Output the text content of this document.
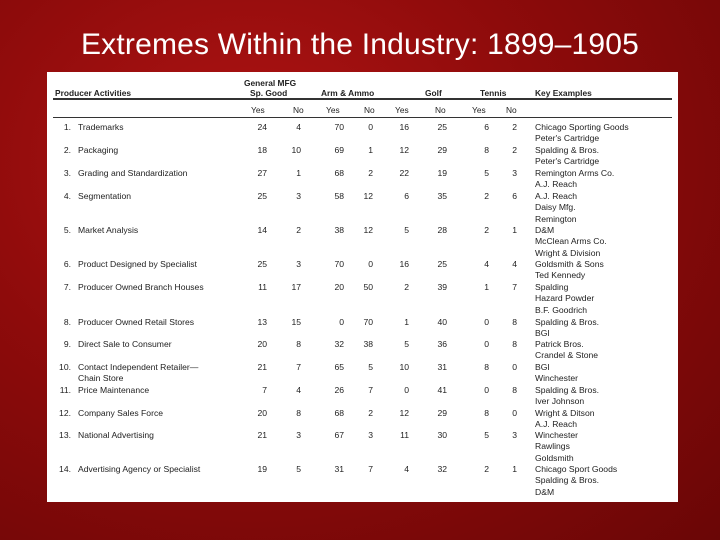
Extremes Within the Industry: 1899–1905
General MFG
Sp. Good
Producer Activities	Arm & Ammo	Golf	Tennis	Key Examples
Yes	No	Yes	No Yes	No	Yes No
1. Trademarks	24	4	70	0	16	25	6	2 Chicago Sporting Goods
Peter's Cartridge
2. Packaging	18	10	69	1	12	29	8	2 Spalding & Bros.
Peter's Cartridge
3. Grading and Standardization	27	1	68	2	22	19	5	3 Remington Arms Co.
A.J. Reach
4. Segmentation	25	3	58	12	6	35	2	6 A.J. Reach
Daisy Mfg.
Remington
5. Market Analysis	14	2	38	12	5	28	2	1 D&M
McClean Arms Co.
Wright & Division
6. Product Designed by Specialist	25	3	70	0	16	25	4	4 Goldsmith & Sons
Ted Kennedy
7. Producer Owned Branch Houses	11	17	20	50	2	39	1	7 Spalding
Hazard Powder
B.F. Goodrich
8. Producer Owned Retail Stores	13	15	0	70	1	40	0	8 Spalding & Bros.
BGI
9. Direct Sale to Consumer	20	8	32	38	5	36	0	8 Patrick Bros.
Crandel & Stone
10. Contact Independent Retailer—
Chain Store
21	7	65	5	10	31	8	0 BGI
Winchester
11. Price Maintenance	7	4	26	7	0	41	0	8 Spalding & Bros.
Iver Johnson
12. Company Sales Force	20	8	68	2	12	29	8	0 Wright & Ditson
A.J. Reach
13. National Advertising	21	3	67	3	11	30	5	3 Winchester
Rawlings
Goldsmith
14. Advertising Agency or Specialist	19	5	31	7	4	32	2	1 Chicago Sport Goods
Spalding & Bros.
D&M
